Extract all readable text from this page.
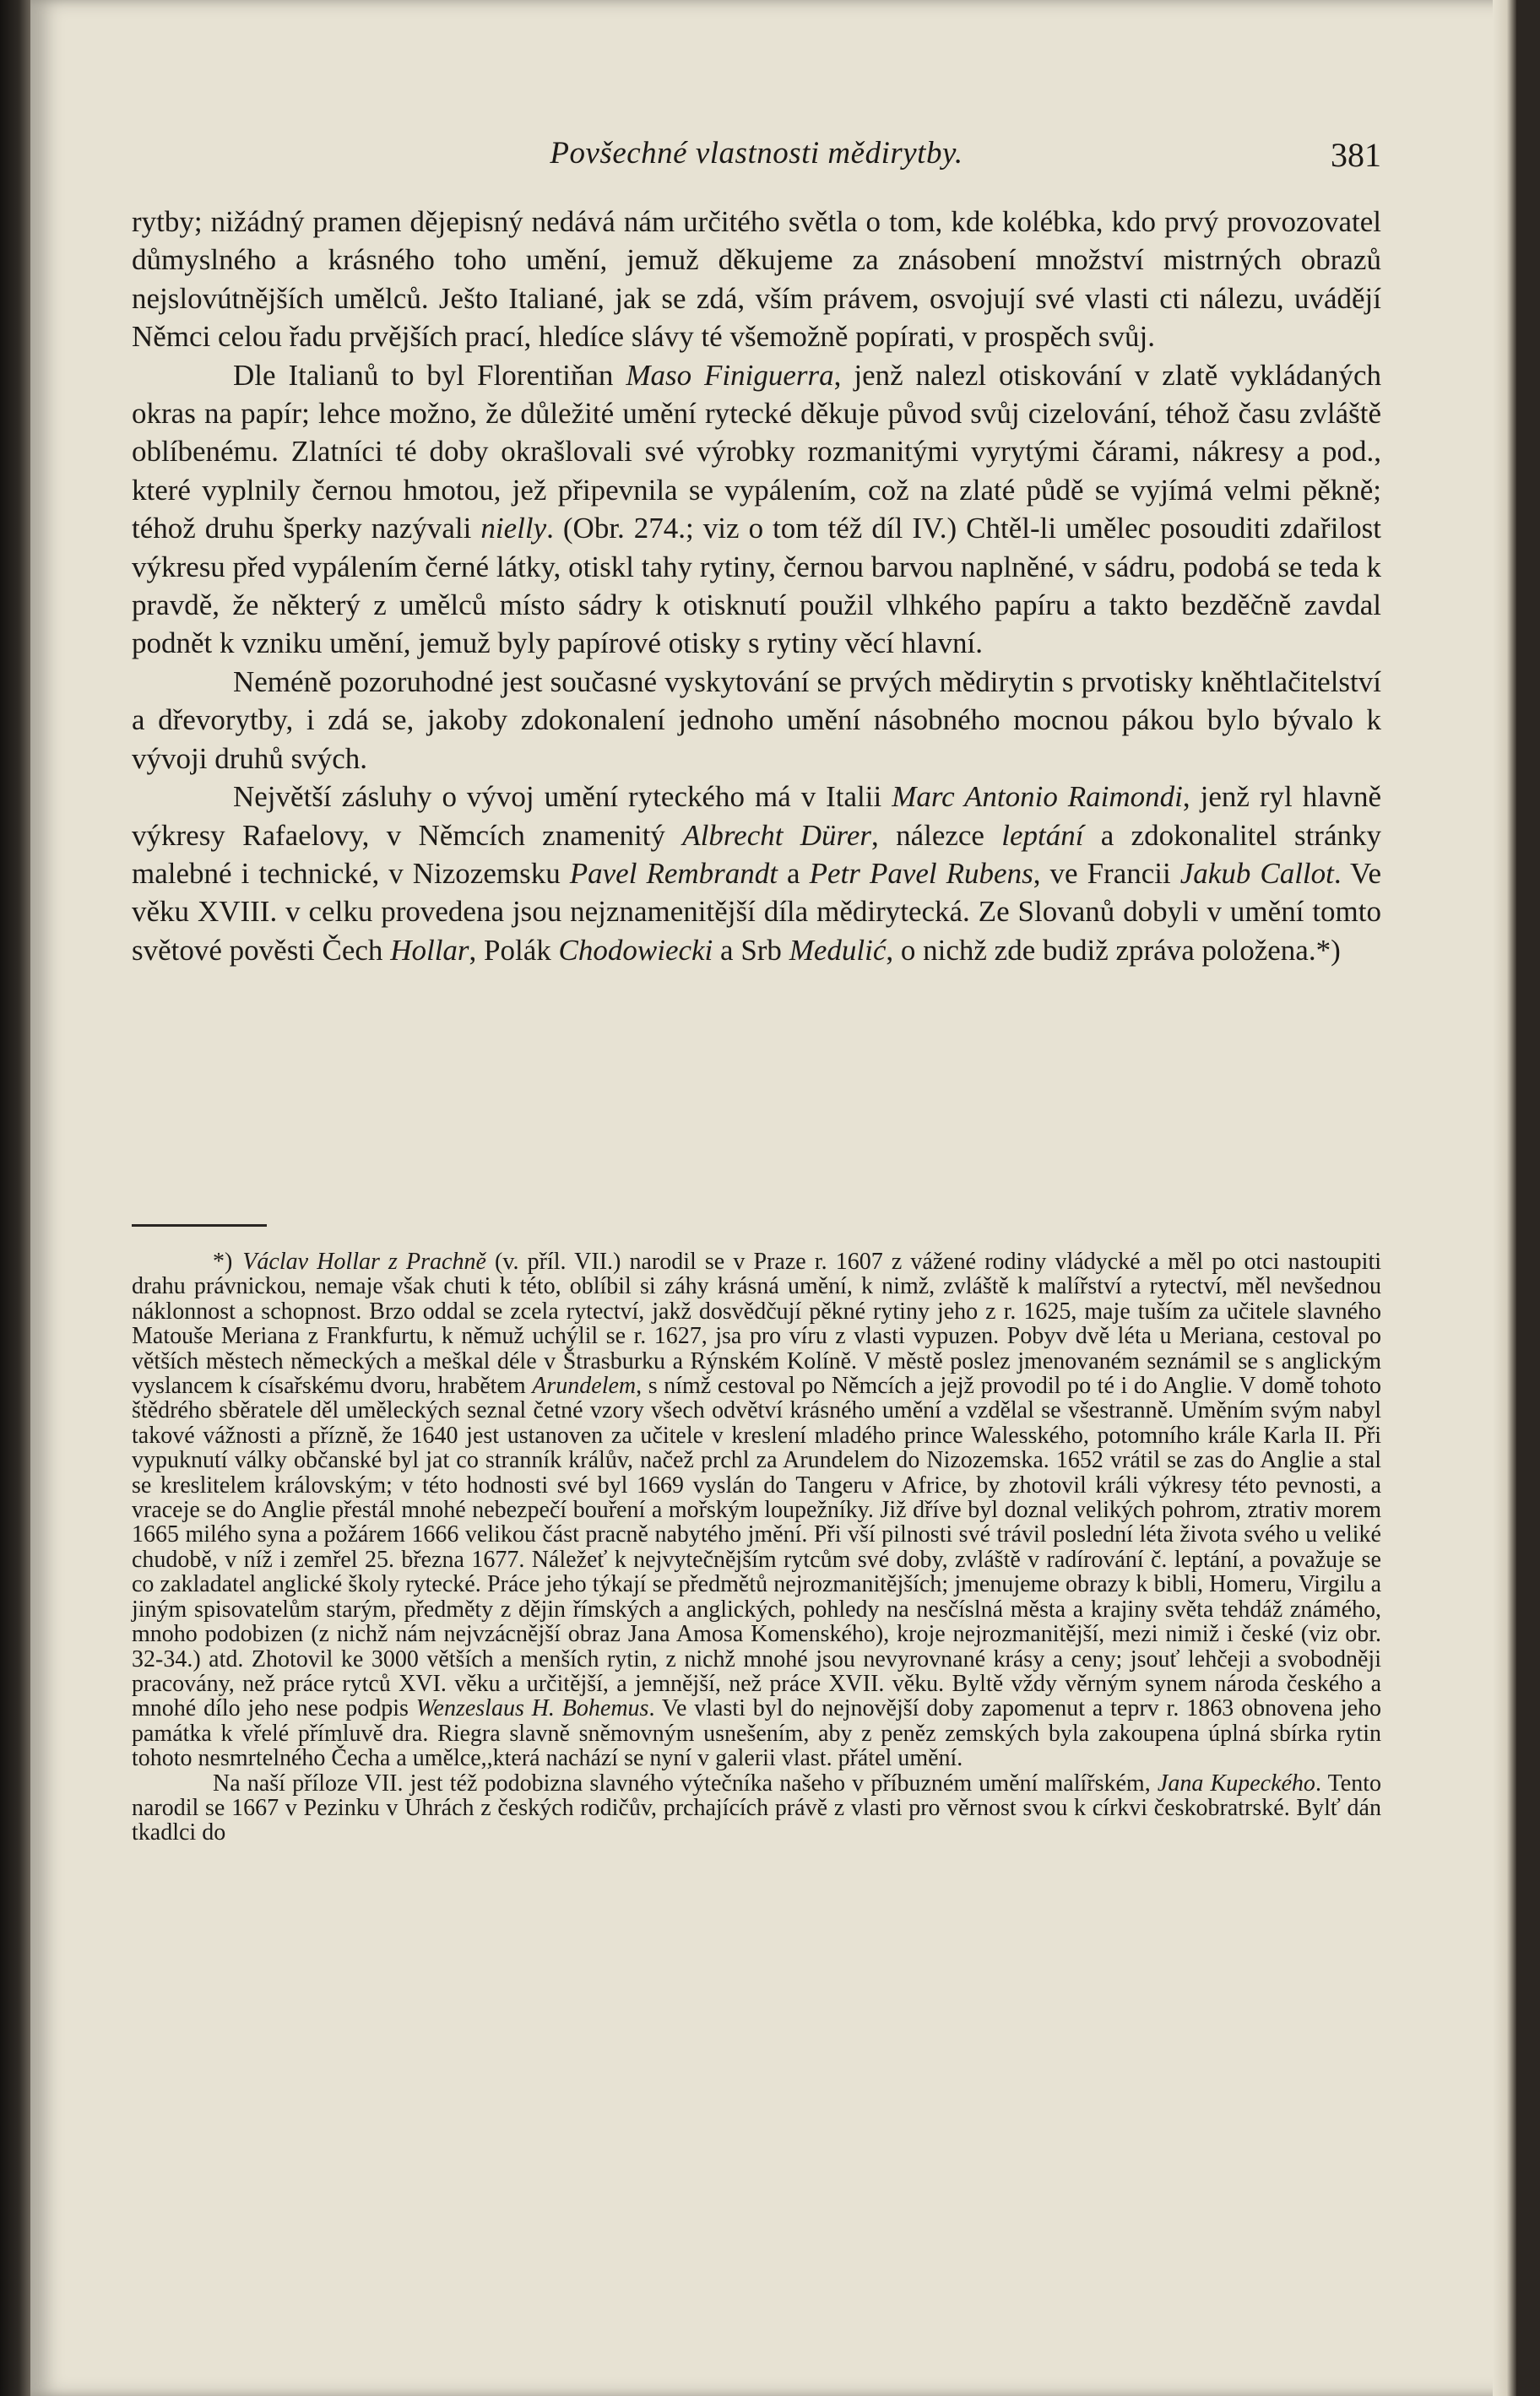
Povšechné vlastnosti mědirytby.	381

rytby; nižádný pramen dějepisný nedává nám určitého světla o tom, kde kolébka, kdo prvý provozovatel důmyslného a krásného toho umění, jemuž děkujeme za znásobení množství mistrných obrazů nejslovútnějších umělců. Ješto Italiané, jak se zdá, vším právem, osvojují své vlasti cti nálezu, uvádějí Němci celou řadu prvějších prací, hledíce slávy té všemožně popírati, v prospěch svůj.

Dle Italianů to byl Florentiňan Maso Finiguerra, jenž nalezl otiskování v zlatě vykládaných okras na papír; lehce možno, že důležité umění rytecké děkuje původ svůj cizelování, téhož času zvláště oblíbenému. Zlatníci té doby okrašlovali své výrobky rozmanitými vyrytými čárami, nákresy a pod., které vyplnily černou hmotou, jež připevnila se vypálením, což na zlaté půdě se vyjímá velmi pěkně; téhož druhu šperky nazývali nielly. (Obr. 274.; viz o tom též díl IV.) Chtěl-li umělec posouditi zdařilost výkresu před vypálením černé látky, otiskl tahy rytiny, černou barvou naplněné, v sádru, podobá se teda k pravdě, že některý z umělců místo sádry k otisknutí použil vlhkého papíru a takto bezděčně zavdal podnět k vzniku umění, jemuž byly papírové otisky s rytiny věcí hlavní.

Neméně pozoruhodné jest současné vyskytování se prvých mědirytin s prvotisky kněhtlačitelství a dřevorytby, i zdá se, jakoby zdokonalení jednoho umění násobného mocnou pákou bylo bývalo k vývoji druhů svých.

Největší zásluhy o vývoj umění ryteckého má v Italii Marc Antonio Raimondi, jenž ryl hlavně výkresy Rafaelovy, v Němcích znamenitý Albrecht Dürer, nálezce leptání a zdokonalitel stránky malebné i technické, v Nizozemsku Pavel Rembrandt a Petr Pavel Rubens, ve Francii Jakub Callot. Ve věku XVIII. v celku provedena jsou nejznamenitější díla mědirytecká. Ze Slovanů dobyli v umění tomto světové pověsti Čech Hollar, Polák Chodowiecki a Srb Medulić, o nichž zde budiž zpráva položena.*)

*) Václav Hollar z Prachně (v. příl. VII.) narodil se v Praze r. 1607 z vážené rodiny vládycké a měl po otci nastoupiti drahu právnickou, nemaje však chuti k této, oblíbil si záhy krásná umění, k nimž, zvláště k malířství a rytectví, měl nevšednou náklonnost a schopnost. Brzo oddal se zcela rytectví, jakž dosvědčují pěkné rytiny jeho z r. 1625, maje tuším za učitele slavného Matouše Meriana z Frankfurtu, k němuž uchýlil se r. 1627, jsa pro víru z vlasti vypuzen. Pobyv dvě léta u Meriana, cestoval po větších městech německých a meškal déle v Štrasburku a Rýnském Kolíně. V městě poslez jmenovaném seznámil se s anglickým vyslancem k císařskému dvoru, hrabětem Arundelem, s nímž cestoval po Němcích a jejž provodil po té i do Anglie. V domě tohoto štědrého sběratele děl uměleckých seznal četné vzory všech odvětví krásného umění a vzdělal se všestranně. Uměním svým nabyl takové vážnosti a přízně, že 1640 jest ustanoven za učitele v kreslení mladého prince Walesského, potomního krále Karla II. Při vypuknutí války občanské byl jat co stranník králův, načež prchl za Arundelem do Nizozemska. 1652 vrátil se zas do Anglie a stal se kreslitelem královským; v této hodnosti své byl 1669 vyslán do Tangeru v Africe, by zhotovil králi výkresy této pevnosti, a vraceje se do Anglie přestál mnohé nebezpečí bouření a mořským loupežníky. Již dříve byl doznal velikých pohrom, ztrativ morem 1665 milého syna a požárem 1666 velikou část pracně nabytého jmění. Při vší pilnosti své trávil poslední léta života svého u veliké chudobě, v níž i zemřel 25. března 1677. Náležeť k nejvytečnějším rytcům své doby, zvláště v radírování č. leptání, a považuje se co zakladatel anglické školy rytecké. Práce jeho týkají se předmětů nejrozmanitějších; jmenujeme obrazy k bibli, Homeru, Virgilu a jiným spisovatelům starým, předměty z dějin římských a anglických, pohledy na nesčíslná města a krajiny světa tehdáž známého, mnoho podobizen (z nichž nám nejvzácnější obraz Jana Amosa Komenského), kroje nejrozmanitější, mezi nimiž i české (viz obr. 32-34.) atd. Zhotovil ke 3000 větších a menších rytin, z nichž mnohé jsou nevyrovnané krásy a ceny; jsouť lehčeji a svobodněji pracovány, než práce rytců XVI. věku a určitější, a jemnější, než práce XVII. věku. Byltě vždy věrným synem národa českého a mnohé dílo jeho nese podpis Wenzeslaus H. Bohemus. Ve vlasti byl do nejnovější doby zapomenut a teprv r. 1863 obnovena jeho památka k vřelé přímluvě dra. Riegra slavně sněmovným usnešením, aby z peněz zemských byla zakoupena úplná sbírka rytin tohoto nesmrtelného Čecha a umělce,,která nachází se nyní v galerii vlast. přátel umění.

Na naší příloze VII. jest též podobizna slavného výtečníka našeho v příbuzném umění malířském, Jana Kupeckého. Tento narodil se 1667 v Pezinku v Uhrách z českých rodičův, prchajících právě z vlasti pro věrnost svou k církvi českobratrské. Bylť dán tkadlci do
